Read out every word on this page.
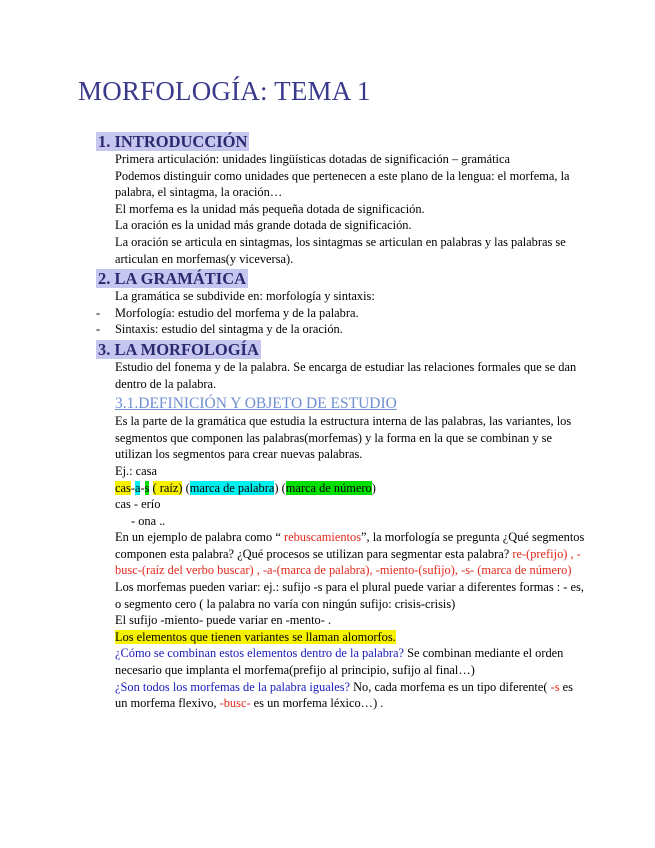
MORFOLOGÍA: TEMA 1
1. INTRODUCCIÓN
Primera articulación: unidades lingüísticas dotadas de significación – gramática
Podemos distinguir como unidades que pertenecen a este plano de la lengua: el morfema, la palabra, el sintagma, la oración…
El morfema es la unidad más pequeña dotada de significación.
La oración es la unidad más grande dotada de significación.
La oración se articula en sintagmas, los sintagmas se articulan en palabras y las palabras se articulan en morfemas(y viceversa).
2. LA GRAMÁTICA
La gramática se subdivide en: morfología y sintaxis:
- Morfología: estudio del morfema y de la palabra.
- Sintaxis: estudio del sintagma y de la oración.
3. LA MORFOLOGÍA
Estudio del fonema y de la palabra. Se encarga de estudiar las relaciones formales que se dan dentro de la palabra.
3.1.DEFINICIÓN Y OBJETO DE ESTUDIO
Es la parte de la gramática que estudia la estructura interna de las palabras, las variantes, los segmentos que componen las palabras(morfemas) y la forma en la que se combinan y se utilizan los segmentos para crear nuevas palabras.
Ej.: casa
cas-a-s ( raíz) (marca de palabra) (marca de número)
cas - erío
- ona ..
En un ejemplo de palabra como “ rebuscamientos”, la morfología se pregunta ¿Qué segmentos componen esta palabra? ¿Qué procesos se utilizan para segmentar esta palabra? re-(prefijo) , -busc-(raíz del verbo buscar) , -a-(marca de palabra), -miento-(sufijo), -s- (marca de número)
Los morfemas pueden variar: ej.: sufijo -s para el plural puede variar a diferentes formas : - es, o segmento cero ( la palabra no varía con ningún sufijo: crisis-crisis)
El sufijo -miento- puede variar en -mento- .
Los elementos que tienen variantes se llaman alomorfos.
¿Cómo se combinan estos elementos dentro de la palabra? Se combinan mediante el orden necesario que implanta el morfema(prefijo al principio, sufijo al final…)
¿Son todos los morfemas de la palabra iguales? No, cada morfema es un tipo diferente( -s es un morfema flexivo, -busc- es un morfema léxico…) .
